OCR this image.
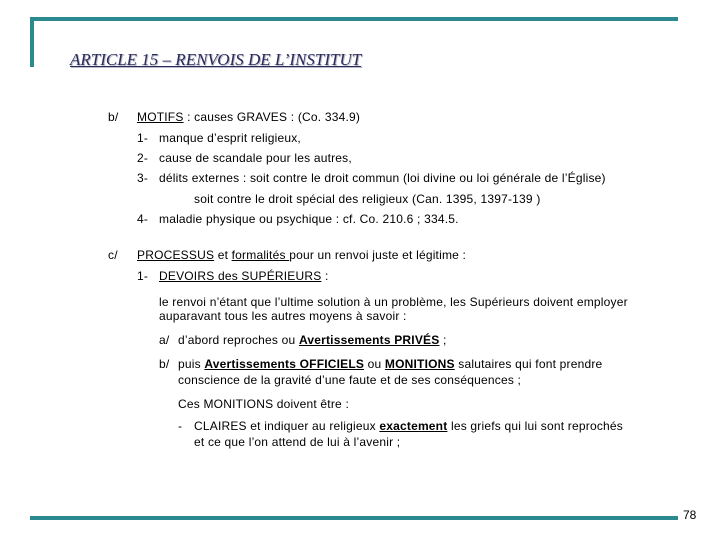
ARTICLE 15 – RENVOIS DE L’INSTITUT
b/ MOTIFS : causes GRAVES : (Co. 334.9)
1- manque d’esprit religieux,
2- cause de scandale pour les autres,
3- délits externes : soit contre le droit commun (loi divine ou loi générale de l’Église)
soit contre le droit spécial des religieux (Can. 1395, 1397-139 )
4- maladie physique ou psychique : cf. Co. 210.6 ; 334.5.
c/ PROCESSUS et formalités pour un renvoi juste et légitime :
1- DEVOIRS des SUPÉRIEURS :
le renvoi n’étant que l’ultime solution à un problème, les Supérieurs doivent employer
auparavant tous les autres moyens à savoir :
a/ d’abord reproches ou Avertissements PRIVÉS ;
b/ puis Avertissements OFFICIELS ou MONITIONS salutaires qui font prendre
conscience de la gravité d’une faute et de ses conséquences ;
Ces MONITIONS doivent être :
- CLAIRES et indiquer au religieux exactement les griefs qui lui sont reprochés
et ce que l’on attend de lui à l’avenir ;
78
